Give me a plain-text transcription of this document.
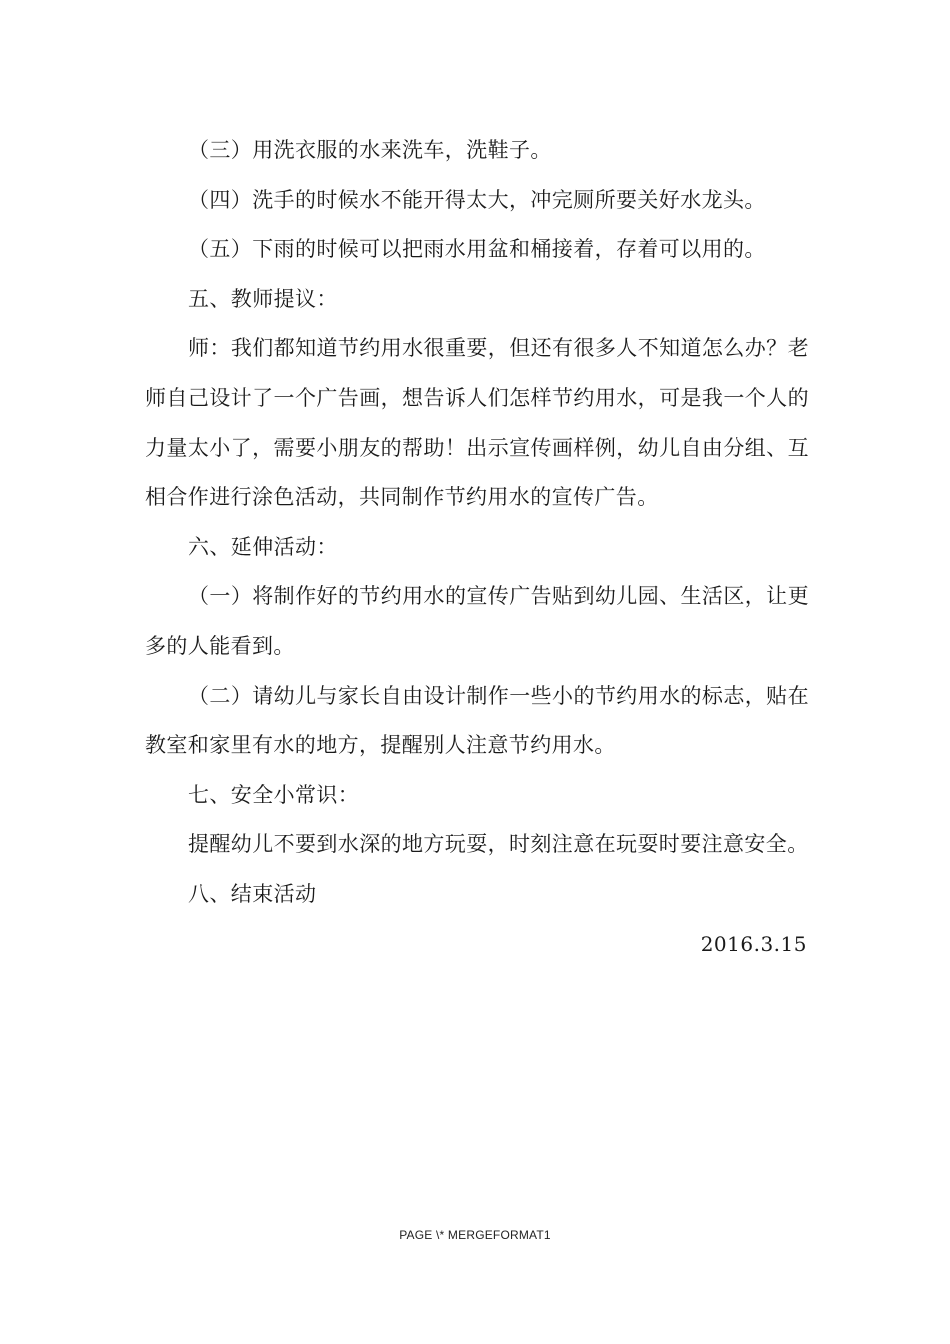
（三）用洗衣服的水来洗车，洗鞋子。

（四）洗手的时候水不能开得太大，冲完厕所要关好水龙头。

（五）下雨的时候可以把雨水用盆和桶接着，存着可以用的。

五、教师提议：

师：我们都知道节约用水很重要，但还有很多人不知道怎么办？老师自己设计了一个广告画，想告诉人们怎样节约用水，可是我一个人的力量太小了，需要小朋友的帮助！出示宣传画样例，幼儿自由分组、互相合作进行涂色活动，共同制作节约用水的宣传广告。

六、延伸活动：

（一）将制作好的节约用水的宣传广告贴到幼儿园、生活区，让更多的人能看到。

（二）请幼儿与家长自由设计制作一些小的节约用水的标志，贴在教室和家里有水的地方，提醒别人注意节约用水。

七、安全小常识：

提醒幼儿不要到水深的地方玩耍，时刻注意在玩耍时要注意安全。

八、结束活动

2016.3.15

PAGE \* MERGEFORMAT1
